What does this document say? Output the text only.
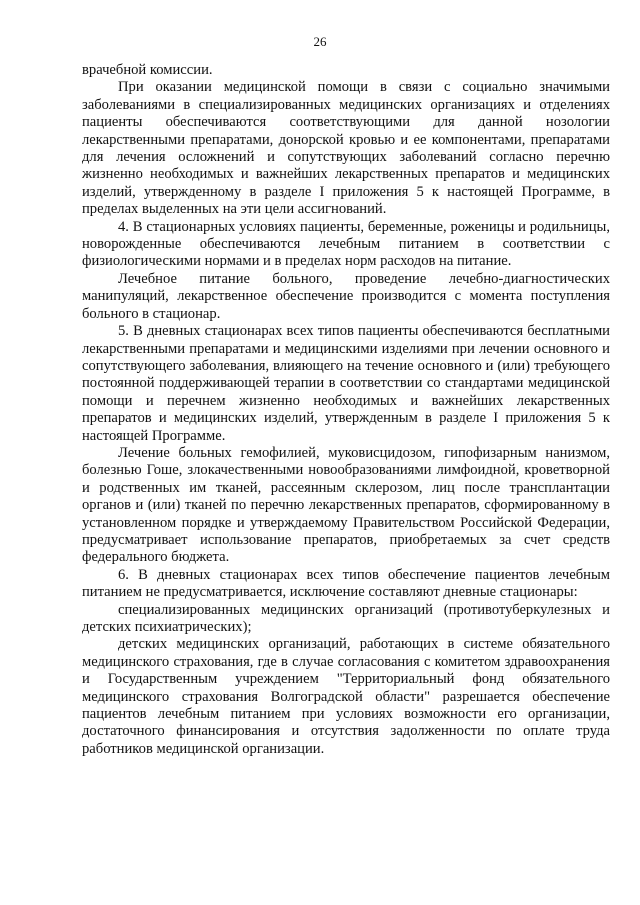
26

врачебной комиссии.

При оказании медицинской помощи в связи с социально значимыми заболеваниями в специализированных медицинских организациях и отделениях пациенты обеспечиваются соответствующими для данной нозологии лекарственными препаратами, донорской кровью и ее компонентами, препаратами для лечения осложнений и сопутствующих заболеваний согласно перечню жизненно необходимых и важнейших лекарственных препаратов и медицинских изделий, утвержденному в разделе I приложения 5 к настоящей Программе, в пределах выделенных на эти цели ассигнований.

4. В стационарных условиях пациенты, беременные, роженицы и родильницы, новорожденные обеспечиваются лечебным питанием в соответствии с физиологическими нормами и в пределах норм расходов на питание.

Лечебное питание больного, проведение лечебно-диагностических манипуляций, лекарственное обеспечение производится с момента поступления больного в стационар.

5. В дневных стационарах всех типов пациенты обеспечиваются бесплатными лекарственными препаратами и медицинскими изделиями при лечении основного и сопутствующего заболевания, влияющего на течение основного и (или) требующего постоянной поддерживающей терапии в соответствии со стандартами медицинской помощи и перечнем жизненно необходимых и важнейших лекарственных препаратов и медицинских изделий, утвержденным в разделе I приложения 5 к настоящей Программе.

Лечение больных гемофилией, муковисцидозом, гипофизарным нанизмом, болезнью Гоше, злокачественными новообразованиями лимфоидной, кроветворной и родственных им тканей, рассеянным склерозом, лиц после трансплантации органов и (или) тканей по перечню лекарственных препаратов, сформированному в установленном порядке и утверждаемому Правительством Российской Федерации, предусматривает использование препаратов, приобретаемых за счет средств федерального бюджета.

6. В дневных стационарах всех типов обеспечение пациентов лечебным питанием не предусматривается, исключение составляют дневные стационары:

специализированных медицинских организаций (противотуберкулезных и детских психиатрических);

детских медицинских организаций, работающих в системе обязательного медицинского страхования, где в случае согласования с комитетом здравоохранения и Государственным учреждением "Территориальный фонд обязательного медицинского страхования Волгоградской области" разрешается обеспечение пациентов лечебным питанием при условиях возможности его организации, достаточного финансирования и отсутствия задолженности по оплате труда работников медицинской организации.
